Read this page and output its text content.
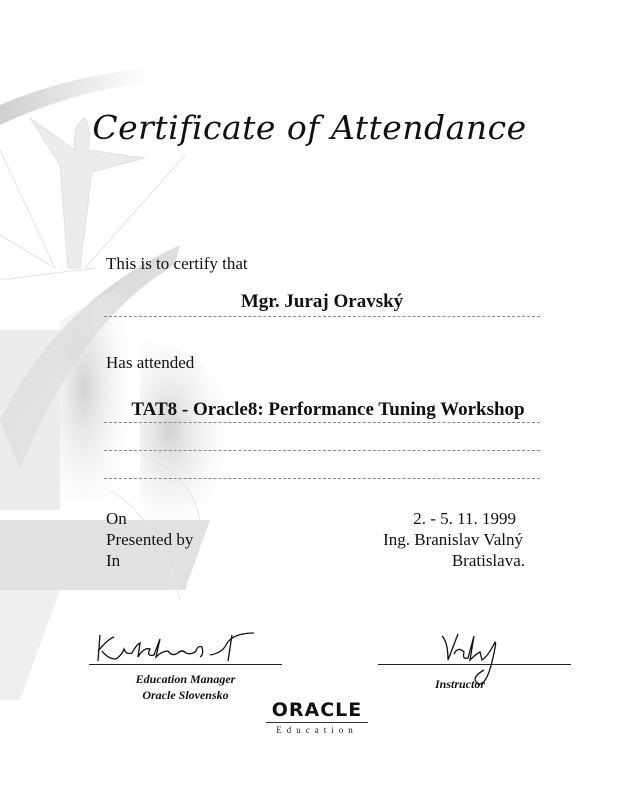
Certificate of Attendance
This is to certify that
Mgr. Juraj Oravský
Has attended
TAT8 - Oracle8: Performance Tuning Workshop
On
Presented by
In
2. - 5. 11. 1999
Ing. Branislav Valný
Bratislava.
Education Manager
Oracle Slovensko
Instructor
ORACLE
Education
